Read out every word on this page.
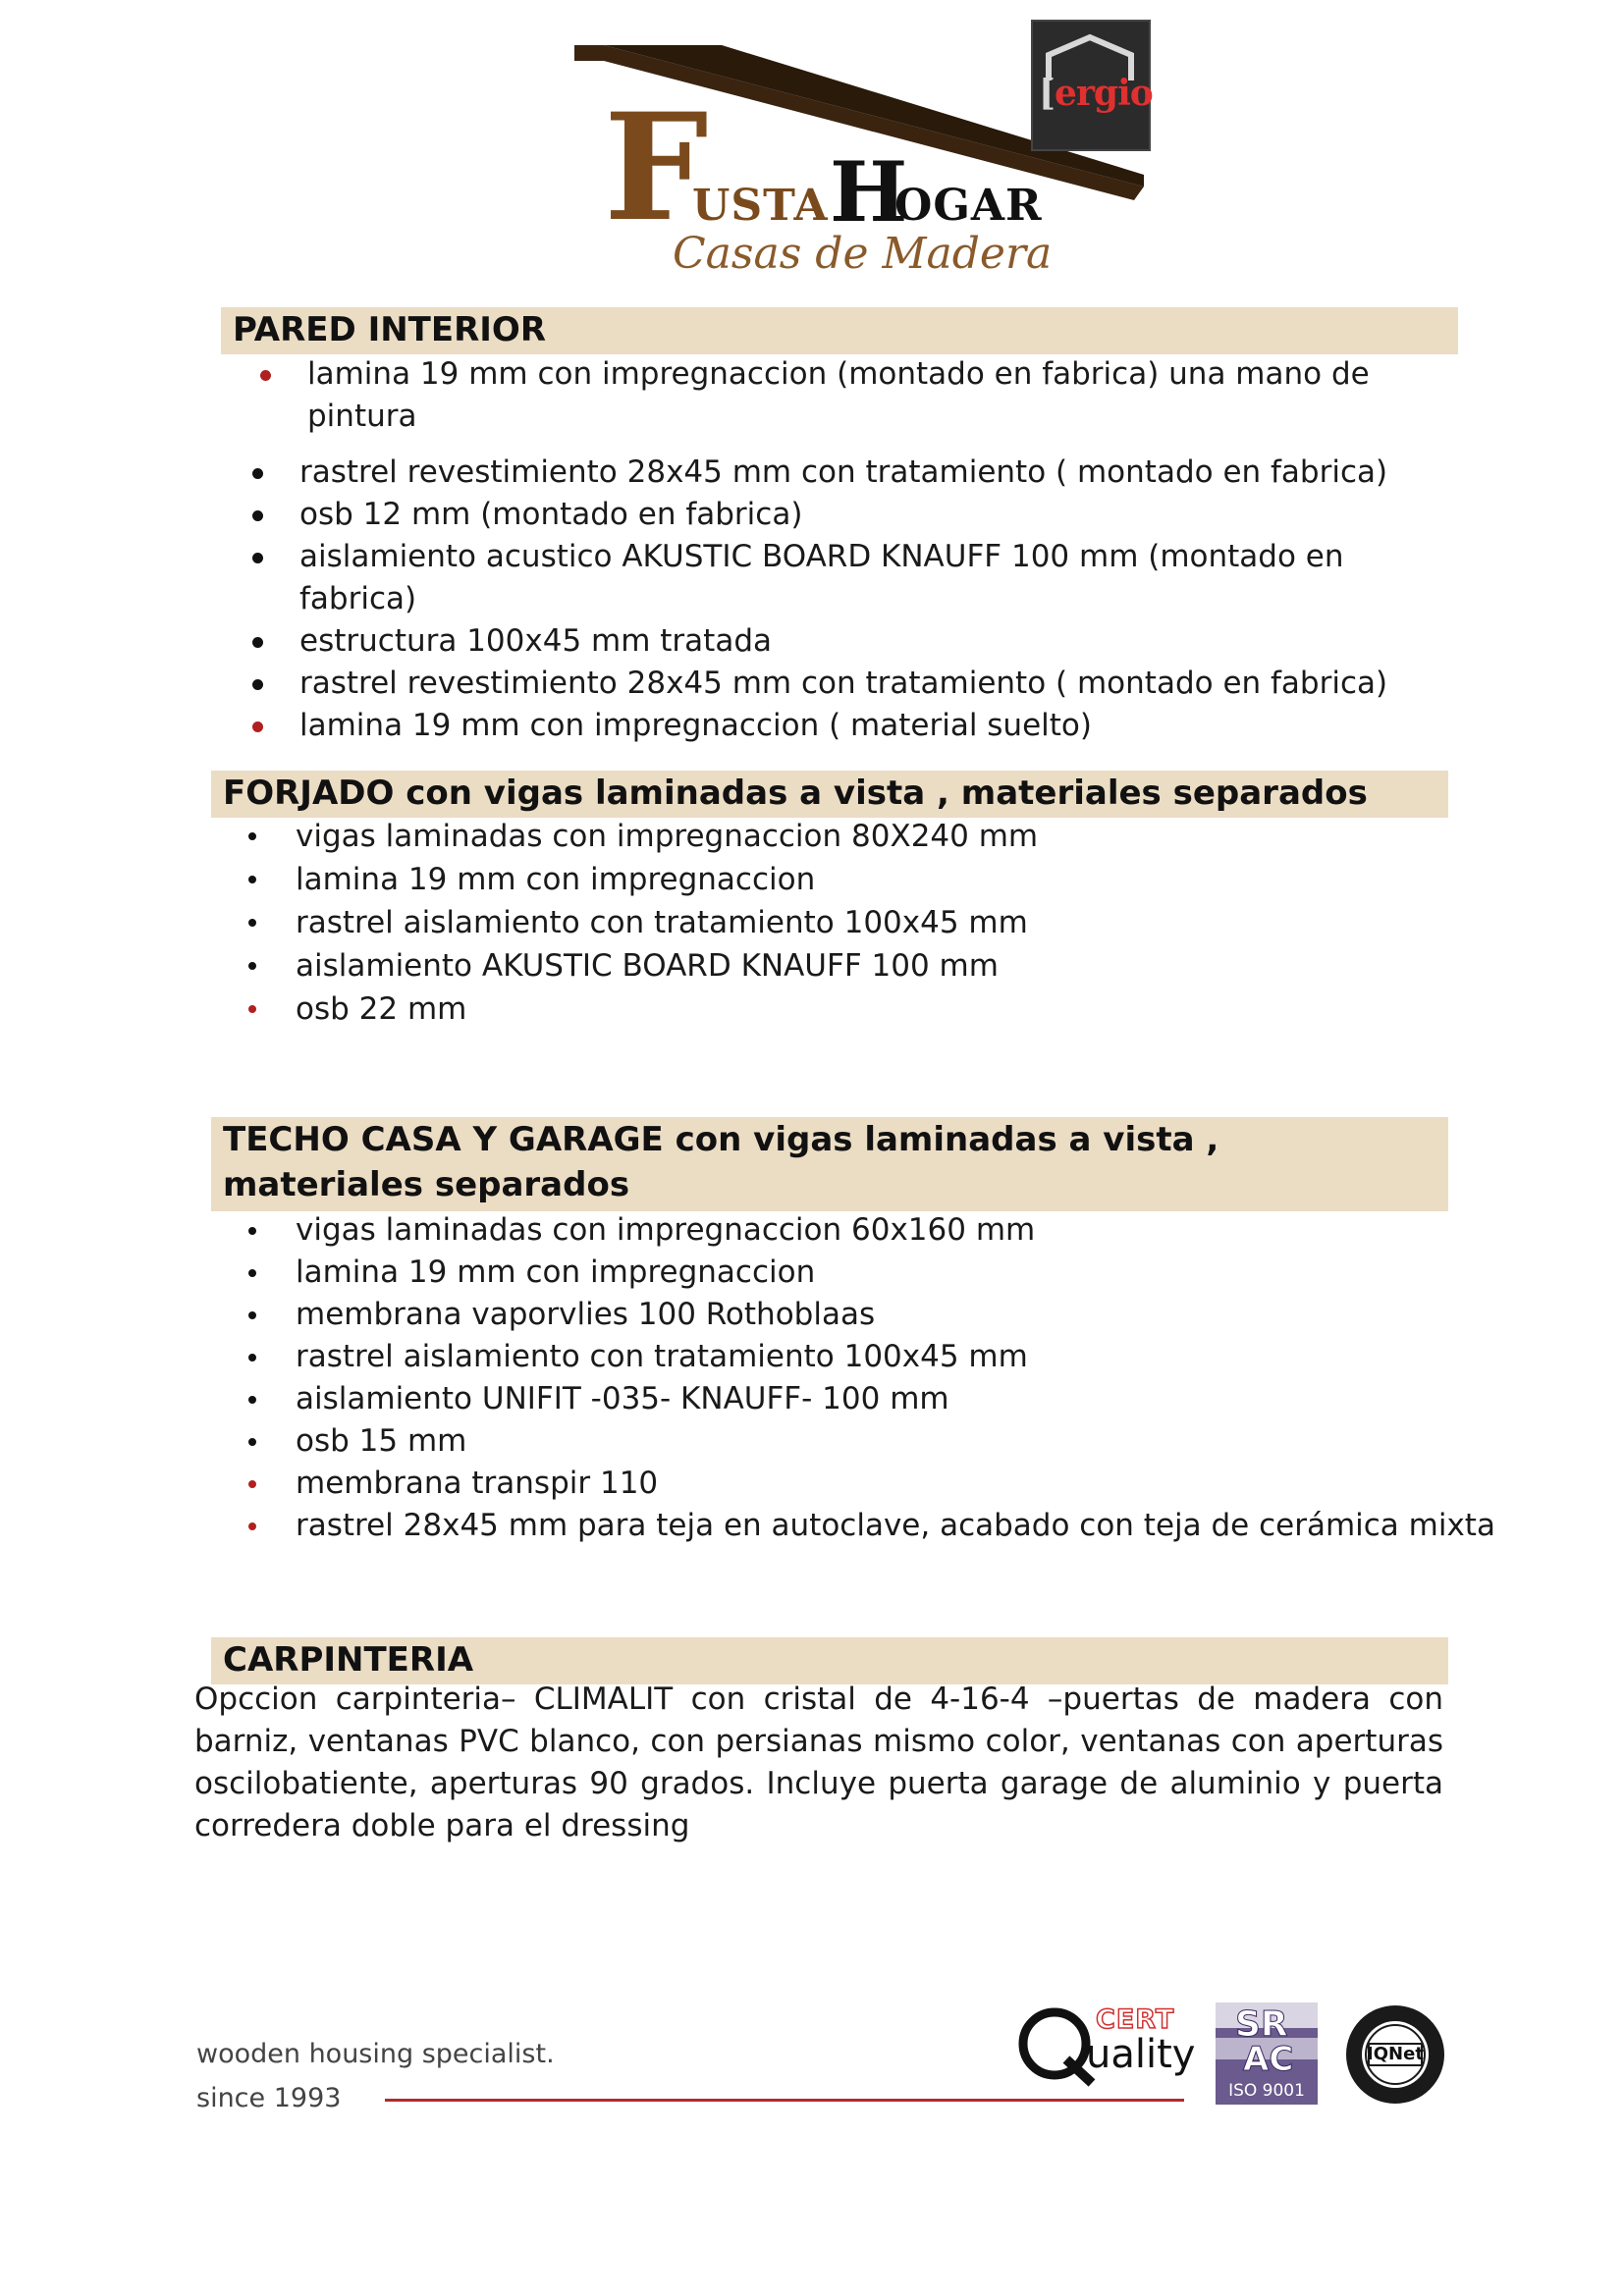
F
USTA H
OGAR
Casas de Madera
[ergio
PARED INTERIOR
lamina 19 mm con impregnaccion (montado en fabrica) una mano de pintura
rastrel revestimiento 28x45 mm con tratamiento ( montado en fabrica)
osb 12 mm (montado en fabrica)
aislamiento acustico AKUSTIC BOARD KNAUFF 100 mm (montado en fabrica)
estructura 100x45 mm tratada
rastrel revestimiento 28x45 mm con tratamiento ( montado en fabrica)
lamina 19 mm con impregnaccion ( material suelto)
FORJADO con vigas laminadas a vista , materiales separados
vigas laminadas con impregnaccion 80X240 mm
lamina 19 mm con impregnaccion
rastrel aislamiento con tratamiento 100x45 mm
aislamiento AKUSTIC BOARD KNAUFF 100 mm
osb 22 mm
TECHO CASA Y GARAGE con vigas laminadas a vista , materiales separados
vigas laminadas con impregnaccion 60x160 mm
lamina 19 mm con impregnaccion
membrana vaporvlies 100 Rothoblaas
rastrel aislamiento con tratamiento 100x45 mm
aislamiento UNIFIT -035- KNAUFF- 100 mm
osb 15 mm
membrana transpir 110
rastrel 28x45 mm para teja en autoclave, acabado con teja de cerámica mixta
CARPINTERIA
Opccion carpinteria– CLIMALIT con cristal de 4-16-4 –puertas de madera con barniz, ventanas PVC blanco, con persianas mismo color, ventanas con aperturas oscilobatiente, aperturas 90 grados. Incluye puerta garage de aluminio y puerta corredera doble para el dressing
wooden housing specialist.
since 1993
CERT
uality
SR
AC
ISO 9001
IQNet
